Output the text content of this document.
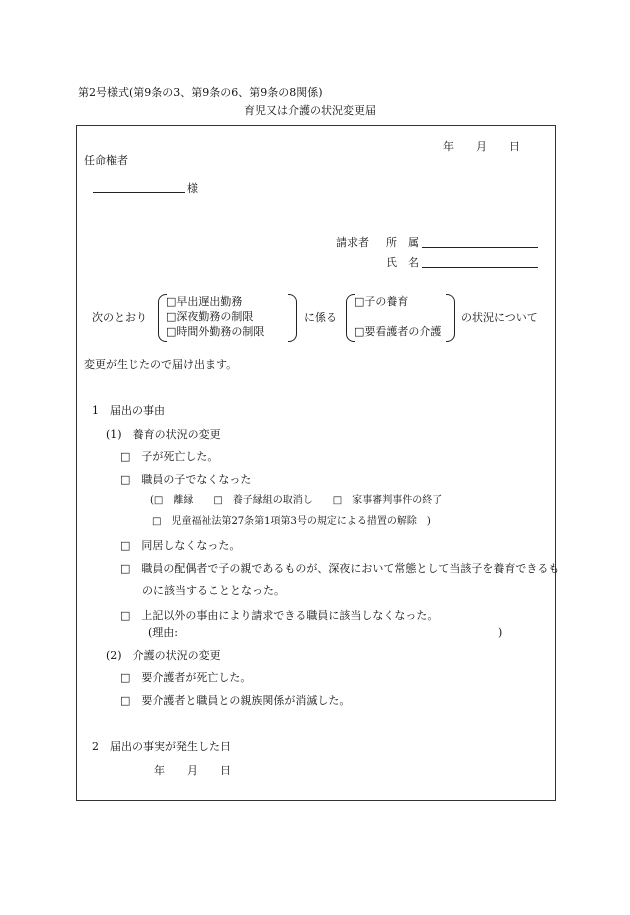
第2号様式(第9条の3、第9条の6、第9条の8関係)
育児又は介護の状況変更届
年　　月　　日
任命権者
様
請求者 所　属
氏　名
次のとおり
□早出遅出勤務
□深夜勤務の制限
□時間外勤務の制限
に係る
□子の養育
□要看護者の介護
の状況について
変更が生じたので届け出ます。
1　届出の事由
(1)　養育の状況の変更
□　子が死亡した。
□　職員の子でなくなった
(□　離縁　　□　養子縁組の取消し　　□　家事審判事件の終了
□　児童福祉法第27条第1項第3号の規定による措置の解除　)
□　同居しなくなった。
□　職員の配偶者で子の親であるものが、深夜において常態として当該子を養育できるも
のに該当することとなった。
□　上記以外の事由により請求できる職員に該当しなくなった。
(理由:	)
(2)　介護の状況の変更
□　要介護者が死亡した。
□　要介護者と職員との親族関係が消滅した。
2　届出の事実が発生した日
年　　月　　日
